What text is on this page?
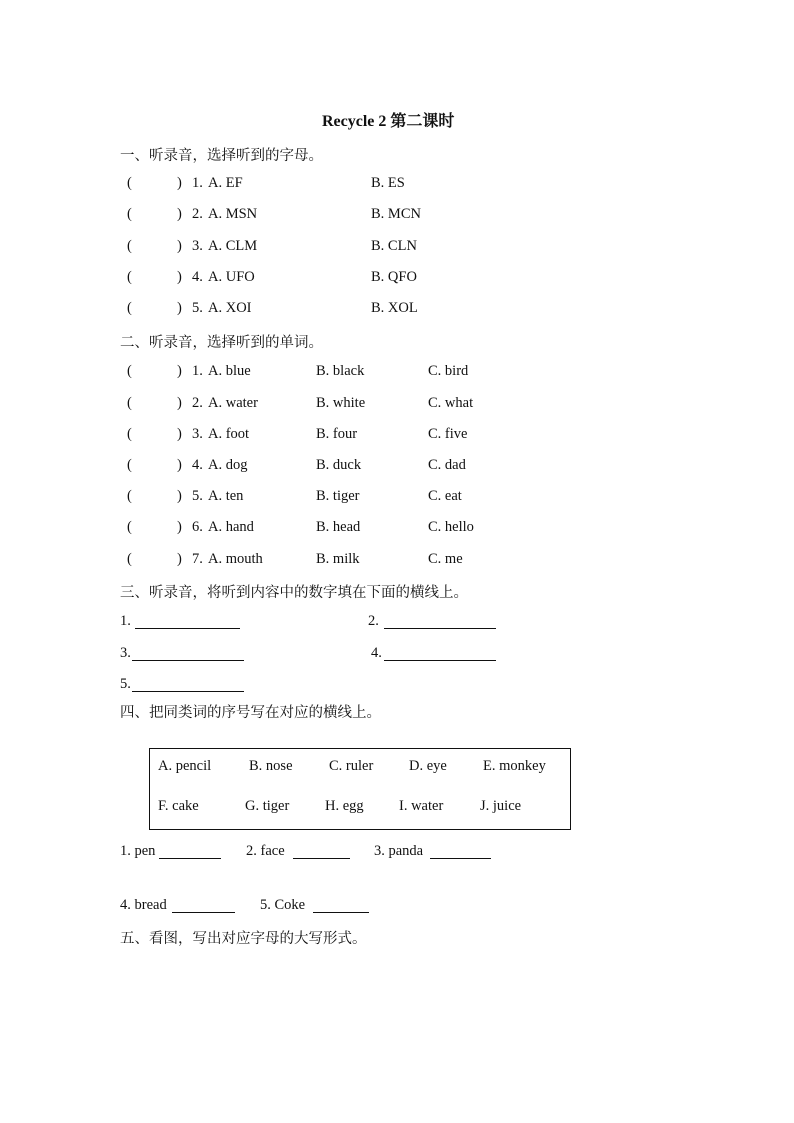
Recycle 2 第二课时
一、听录音，选择听到的字母。
(	) 1. A. EF	B. ES
(	) 2. A. MSN	B. MCN
(	) 3. A. CLM	B. CLN
(	) 4. A. UFO	B. QFO
(	) 5. A. XOI	B. XOL
二、听录音，选择听到的单词。
(	) 1. A. blue	B. black	C. bird
(	) 2. A. water	B. white	C. what
(	) 3. A. foot	B. four	C. five
(	) 4. A. dog	B. duck	C. dad
(	) 5. A. ten	B. tiger	C. eat
(	) 6. A. hand	B. head	C. hello
(	) 7. A. mouth	B. milk	C. me
三、听录音，将听到内容中的数字填在下面的横线上。
1.	2.
3.	4.
5.
四、把同类词的序号写在对应的横线上。
A. pencil	B. nose	C. ruler D. eye E. monkey
F. cake	G. tiger H. egg I. water	J. juice
1. pen	2. face	3. panda
4. bread	5. Coke
五、看图，写出对应字母的大写形式。
